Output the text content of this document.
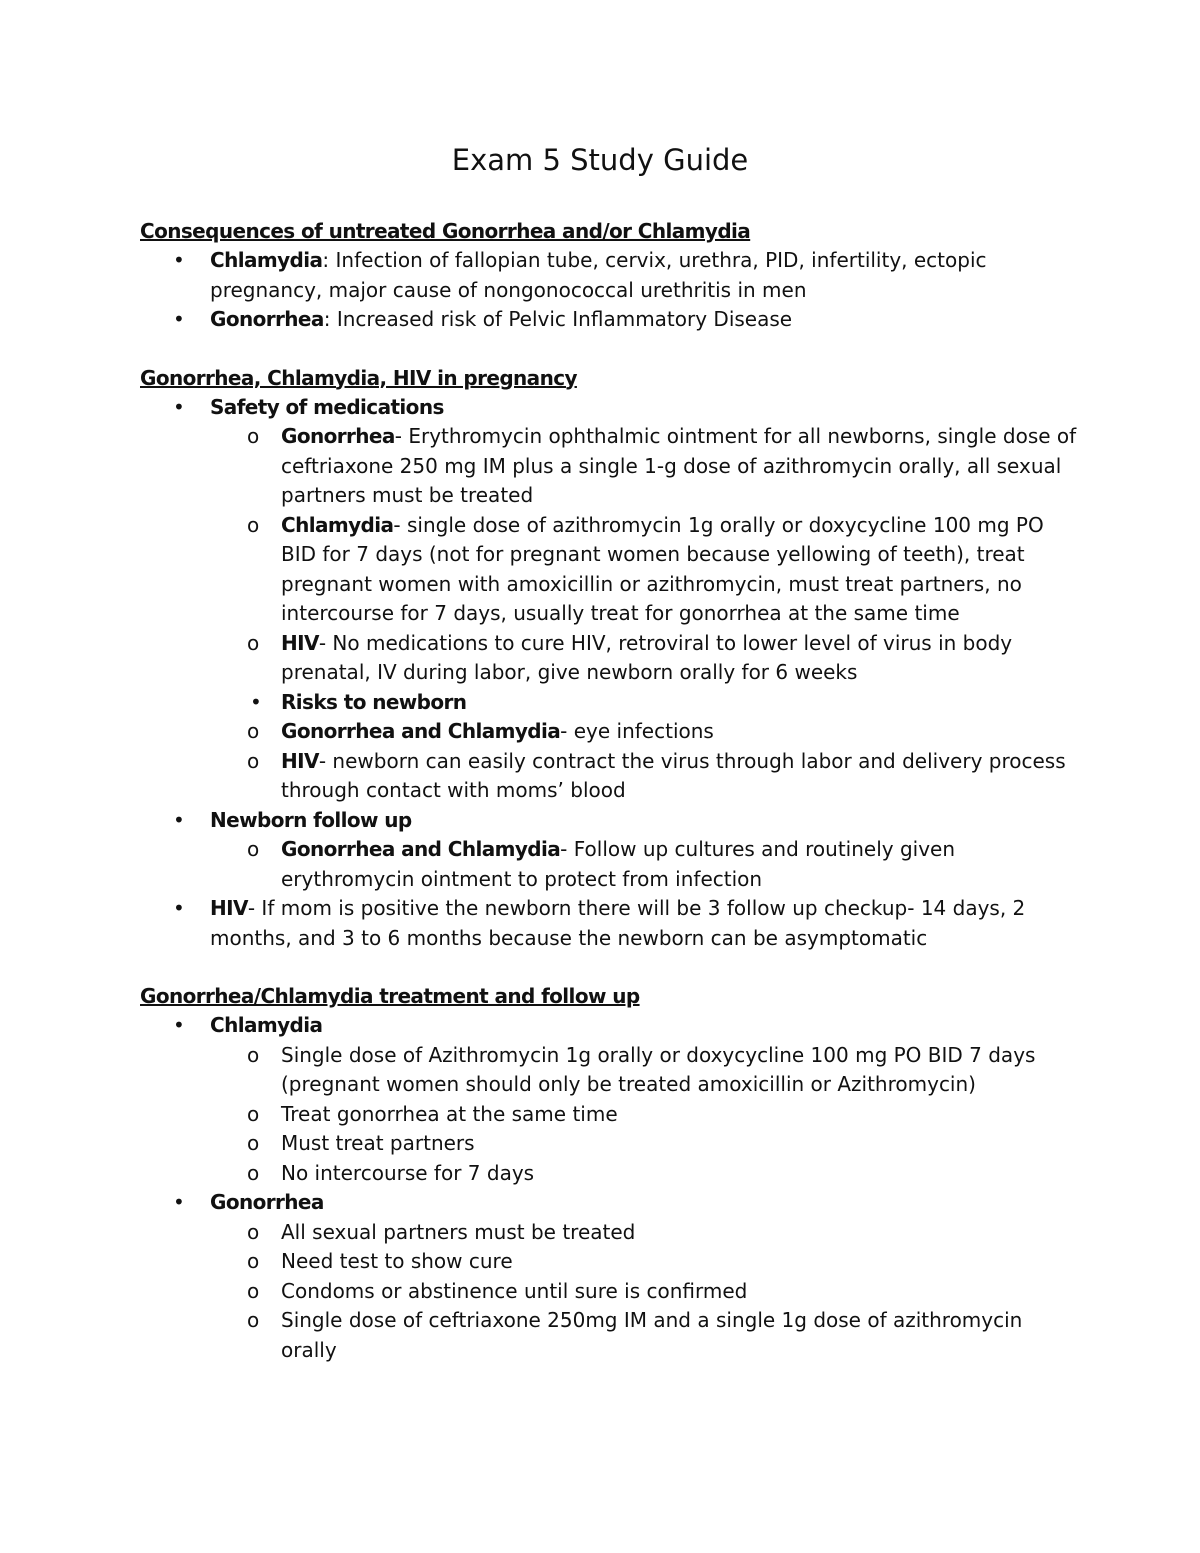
Exam 5 Study Guide

Consequences of untreated Gonorrhea and/or Chlamydia

• Chlamydia: Infection of fallopian tube, cervix, urethra, PID, infertility, ectopic pregnancy, major cause of nongonococcal urethritis in men

• Gonorrhea: Increased risk of Pelvic Inflammatory Disease

Gonorrhea, Chlamydia, HIV in pregnancy

• Safety of medications

o Gonorrhea- Erythromycin ophthalmic ointment for all newborns, single dose of ceftriaxone 250 mg IM plus a single 1-g dose of azithromycin orally, all sexual partners must be treated

o Chlamydia- single dose of azithromycin 1g orally or doxycycline 100 mg PO BID for 7 days (not for pregnant women because yellowing of teeth), treat pregnant women with amoxicillin or azithromycin, must treat partners, no intercourse for 7 days, usually treat for gonorrhea at the same time

o HIV- No medications to cure HIV, retroviral to lower level of virus in body prenatal, IV during labor, give newborn orally for 6 weeks

• Risks to newborn

o Gonorrhea and Chlamydia- eye infections

o HIV- newborn can easily contract the virus through labor and delivery process through contact with moms’ blood

• Newborn follow up

o Gonorrhea and Chlamydia- Follow up cultures and routinely given erythromycin ointment to protect from infection

• HIV- If mom is positive the newborn there will be 3 follow up checkup- 14 days, 2 months, and 3 to 6 months because the newborn can be asymptomatic

Gonorrhea/Chlamydia treatment and follow up

• Chlamydia

o Single dose of Azithromycin 1g orally or doxycycline 100 mg PO BID 7 days (pregnant women should only be treated amoxicillin or Azithromycin)

o Treat gonorrhea at the same time

o Must treat partners

o No intercourse for 7 days

• Gonorrhea

o All sexual partners must be treated

o Need test to show cure

o Condoms or abstinence until sure is confirmed

o Single dose of ceftriaxone 250mg IM and a single 1g dose of azithromycin orally
